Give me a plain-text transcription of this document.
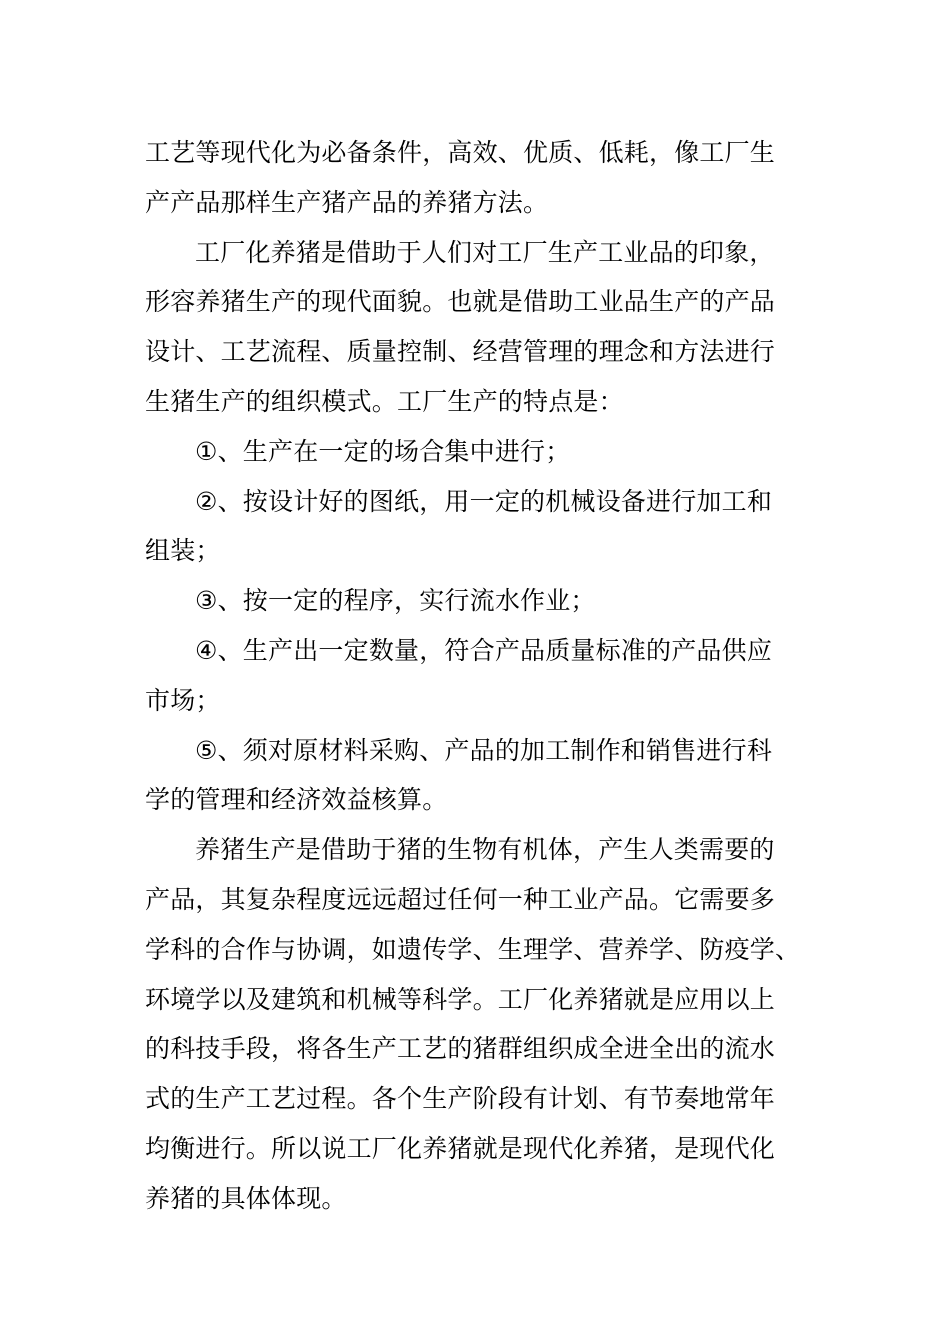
工艺等现代化为必备条件，高效、优质、低耗，像工厂生
产产品那样生产猪产品的养猪方法。
工厂化养猪是借助于人们对工厂生产工业品的印象，
形容养猪生产的现代面貌。也就是借助工业品生产的产品
设计、工艺流程、质量控制、经营管理的理念和方法进行
生猪生产的组织模式。工厂生产的特点是：
①、生产在一定的场合集中进行；
②、按设计好的图纸，用一定的机械设备进行加工和
组装；
③、按一定的程序，实行流水作业；
④、生产出一定数量，符合产品质量标准的产品供应
市场；
⑤、须对原材料采购、产品的加工制作和销售进行科
学的管理和经济效益核算。
养猪生产是借助于猪的生物有机体，产生人类需要的
产品，其复杂程度远远超过任何一种工业产品。它需要多
学科的合作与协调，如遗传学、生理学、营养学、防疫学、
环境学以及建筑和机械等科学。工厂化养猪就是应用以上
的科技手段，将各生产工艺的猪群组织成全进全出的流水
式的生产工艺过程。各个生产阶段有计划、有节奏地常年
均衡进行。所以说工厂化养猪就是现代化养猪，是现代化
养猪的具体体现。
